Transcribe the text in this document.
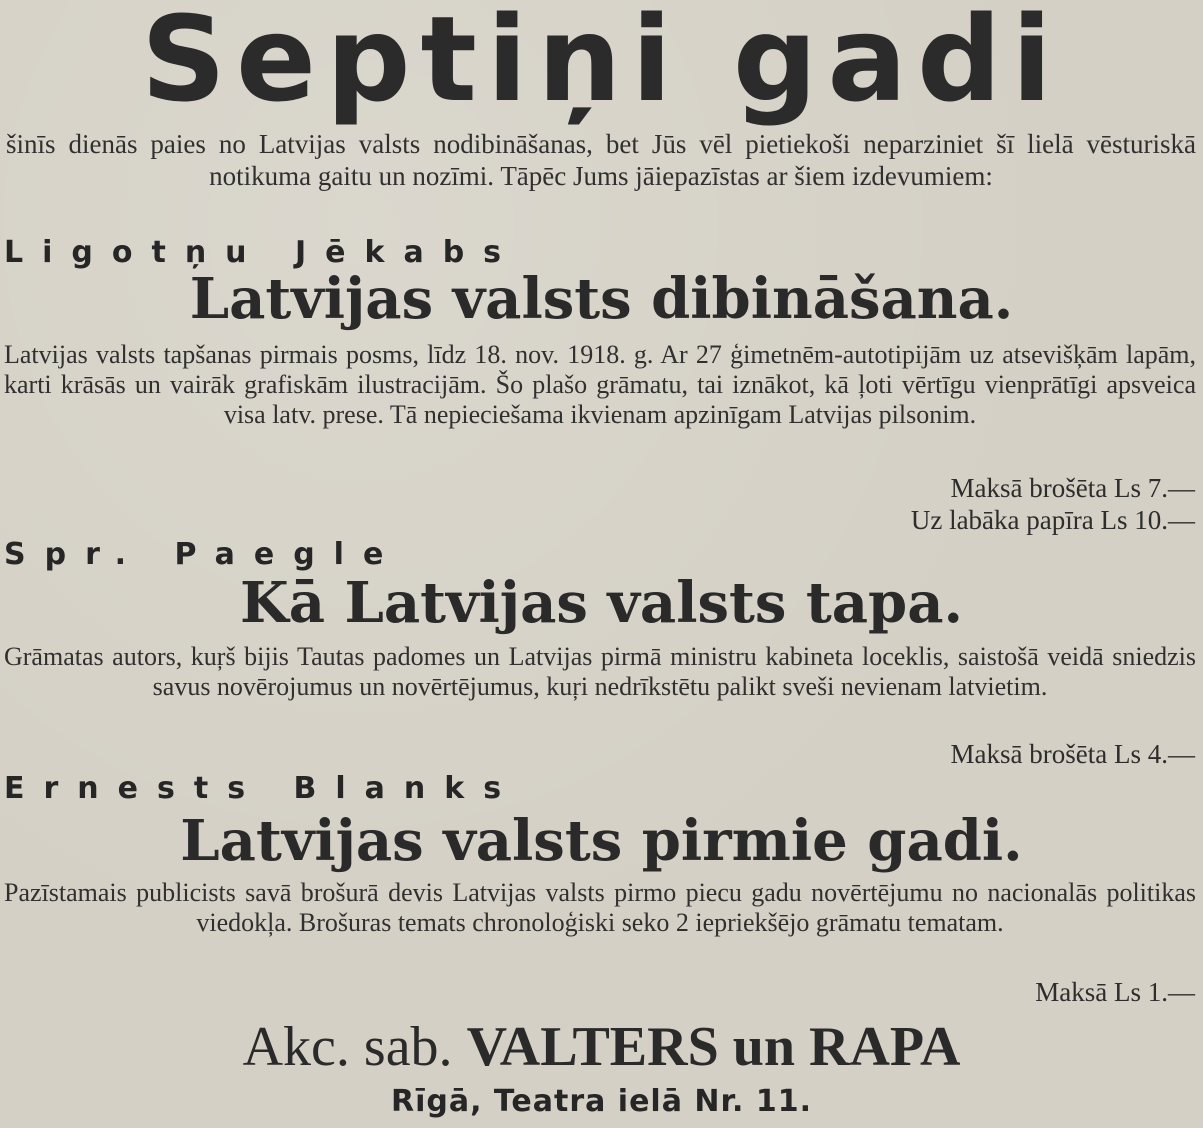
Septiņi gadi
šinīs dienās paies no Latvijas valsts nodibināšanas, bet Jūs vēl pietiekoši neparziniet šī lielā vēsturiskā notikuma gaitu un nozīmi. Tāpēc Jums jāiepazīstas ar šiem izdevumiem:
Ligotņu Jēkabs
Latvijas valsts dibināšana.
Latvijas valsts tapšanas pirmais posms, līdz 18. nov. 1918. g. Ar 27 ģimetnēm-autotipijām uz atsevišķām lapām, karti krāsās un vairāk grafiskām ilustracijām. Šo plašo grāmatu, tai iznākot, kā ļoti vērtīgu vienprātīgi apsveica visa latv. prese. Tā nepieciešama ikvienam apzinīgam Latvijas pilsonim.
Maksā brošēta Ls 7.—
Uz labāka papīra Ls 10.—
Spr. Paegle
Kā Latvijas valsts tapa.
Grāmatas autors, kuŗš bijis Tautas padomes un Latvijas pirmā ministru kabineta loceklis, saistošā veidā sniedzis savus novērojumus un novērtējumus, kuŗi nedrīkstētu palikt sveši nevienam latvietim.
Maksā brošēta Ls 4.—
Ernests Blanks
Latvijas valsts pirmie gadi.
Pazīstamais publicists savā brošurā devis Latvijas valsts pirmo piecu gadu novērtējumu no nacionalās politikas viedokļa. Brošuras temats chronoloģiski seko 2 iepriekšējo grāmatu tematam.
Maksā Ls 1.—
Akc. sab. VALTERS un RAPA
Rīgā, Teatra ielā Nr. 11.
